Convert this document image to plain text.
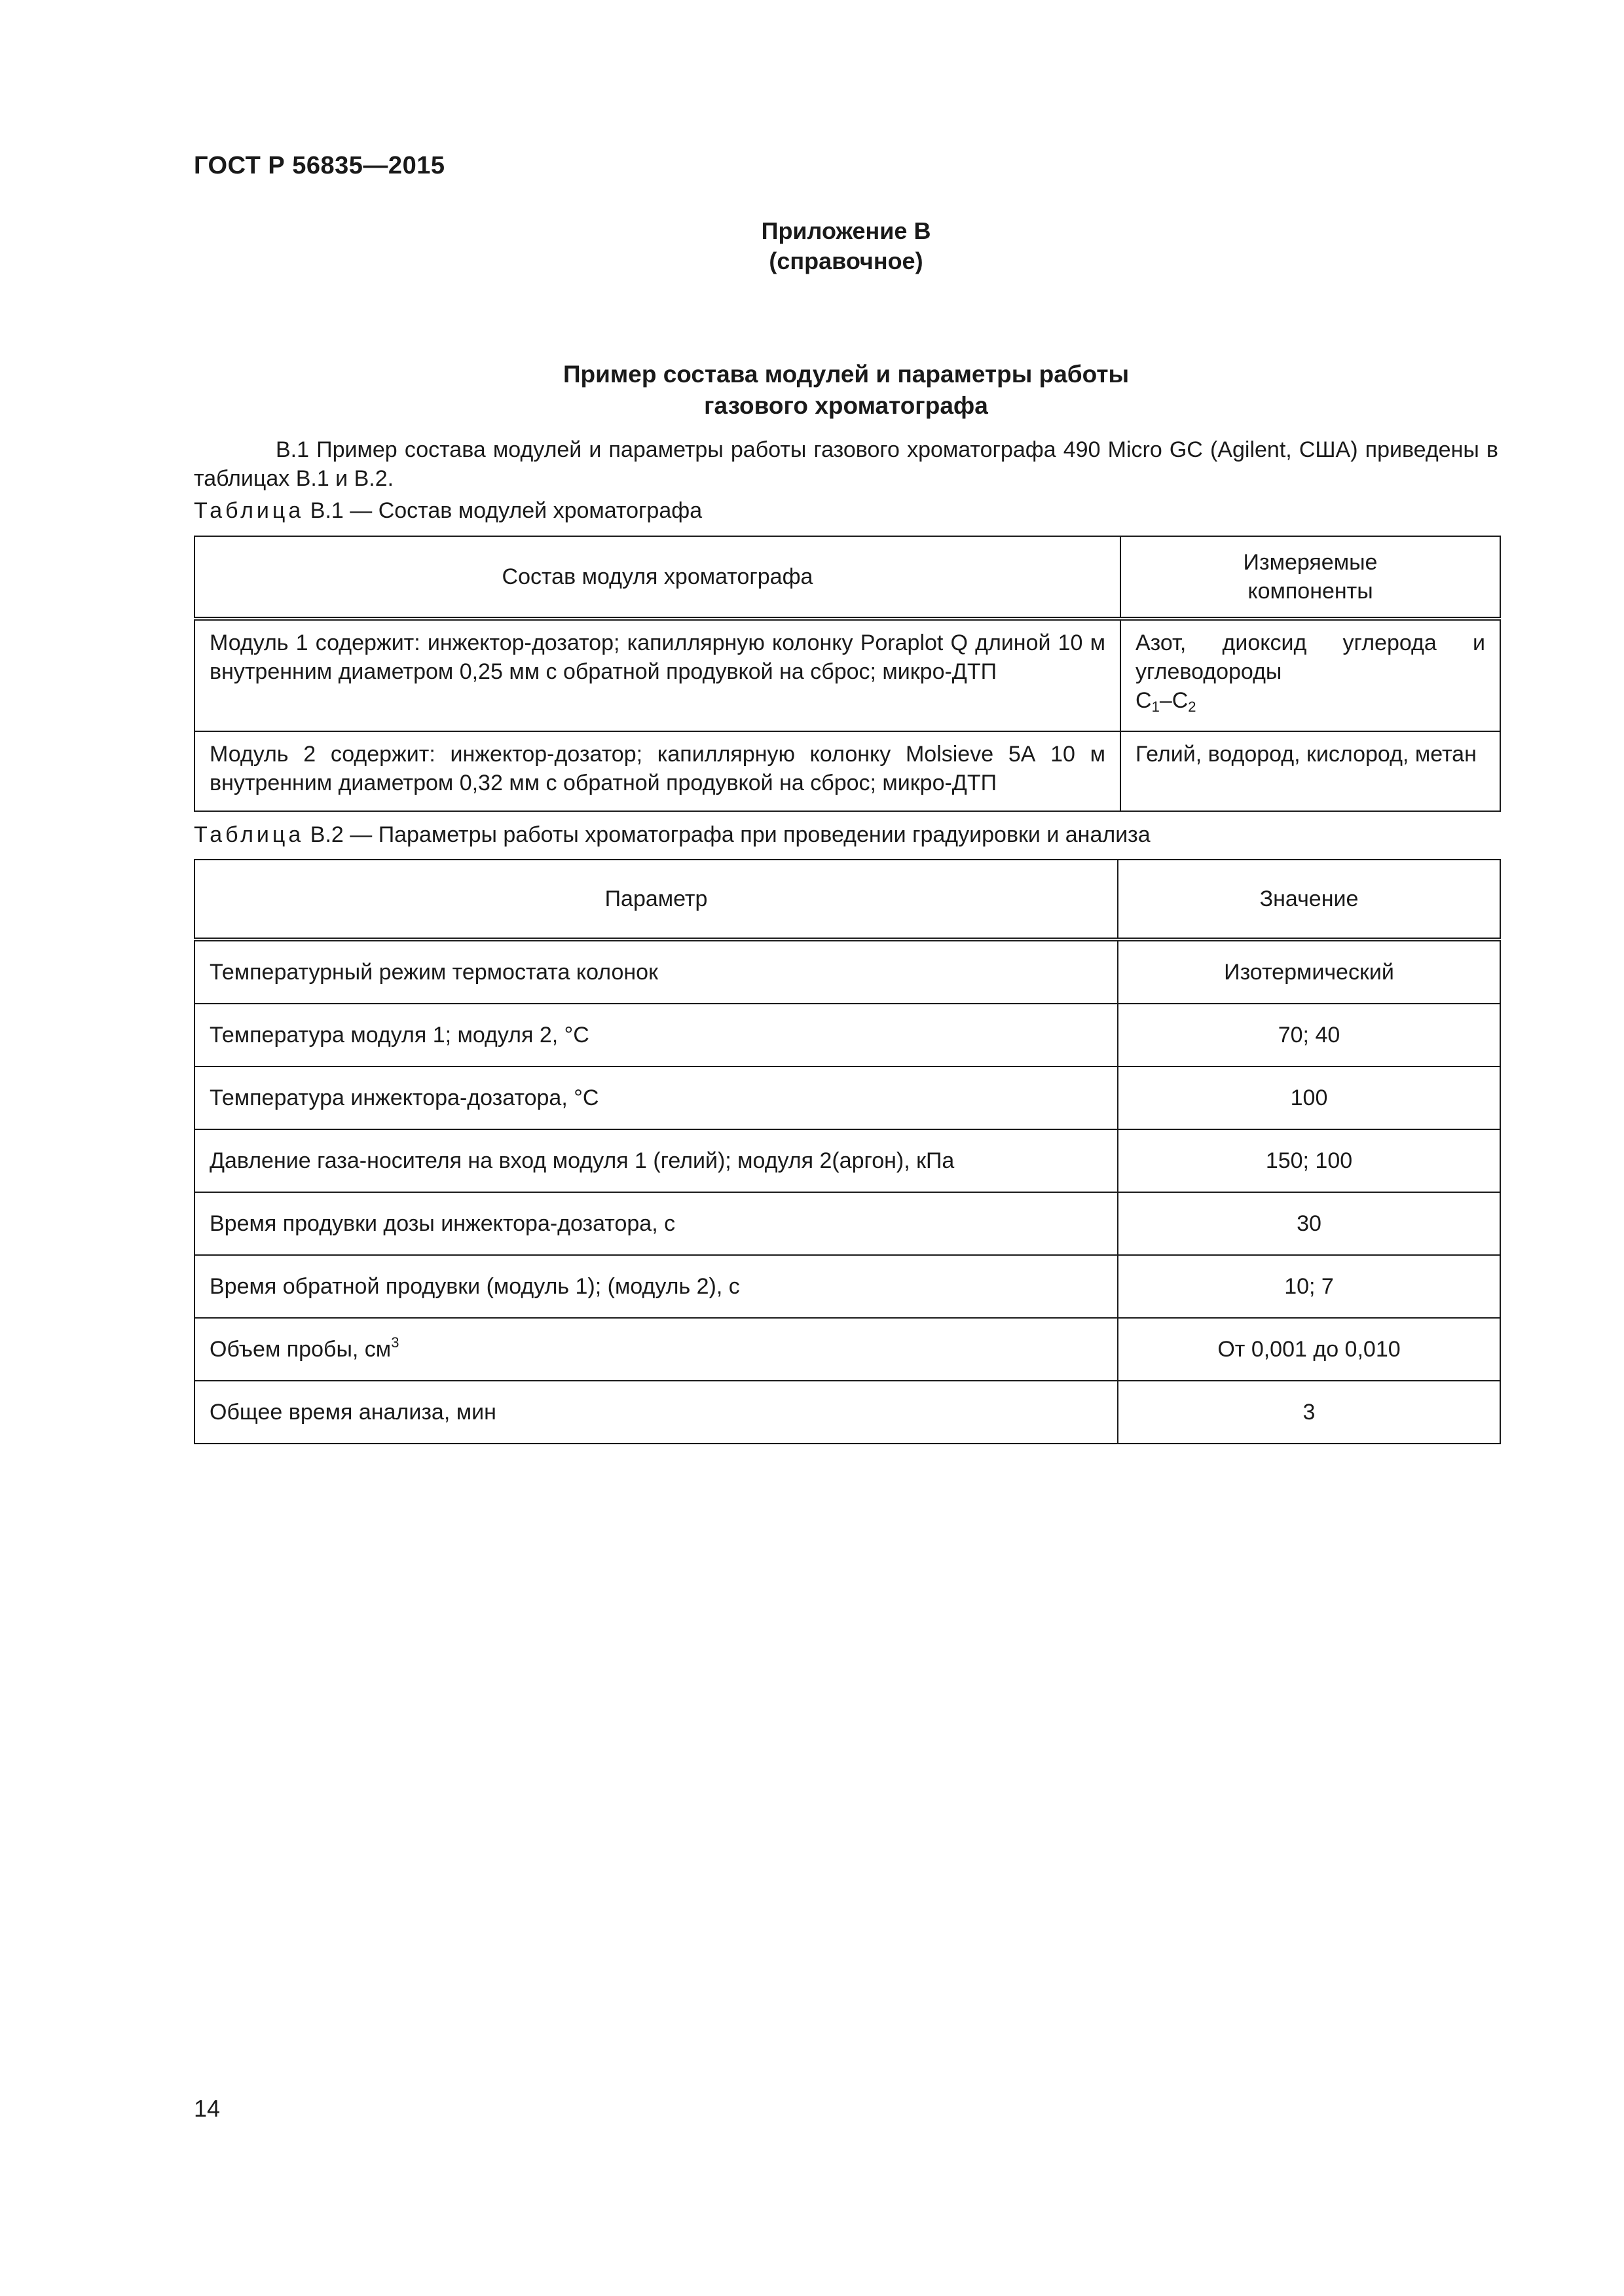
ГОСТ Р 56835—2015
Приложение В
(справочное)
Пример состава модулей и параметры работы
газового хроматографа
В.1 Пример состава модулей и параметры работы газового хроматографа 490 Micro GC (Agilent, США) приведены в таблицах В.1 и В.2.
Таблица В.1 — Состав модулей хроматографа
Состав модуля хроматографа	Измеряемые
компоненты

Модуль 1 содержит: инжектор-дозатор; капиллярную колонку Poraplot Q длиной 10 м внутренним диаметром 0,25 мм с обратной продувкой на сброс; микро-ДТП	Азот, диоксид углерода и углеводороды
$С_1-С_2$

Модуль 2 содержит: инжектор-дозатор; капиллярную колонку Molsieve 5А 10 м внутренним диаметром 0,32 мм с обратной продувкой на сброс; микро-ДТП	Гелий, водород, кислород, метан
Таблица В.2 — Параметры работы хроматографа при проведении градуировки и анализа
Параметр	Значение
Температурный режим термостата колонок	Изотермический
Температура модуля 1; модуля 2, °С	70; 40
Температура инжектора-дозатора, °С	100
Давление газа-носителя на вход модуля 1 (гелий); модуля 2(аргон), кПа	150; 100
Время продувки дозы инжектора-дозатора, с	30
Время обратной продувки (модуль 1); (модуль 2), с	10; 7
Объем пробы, $см^3$	От 0,001 до 0,010
Общее время анализа, мин	3
14
